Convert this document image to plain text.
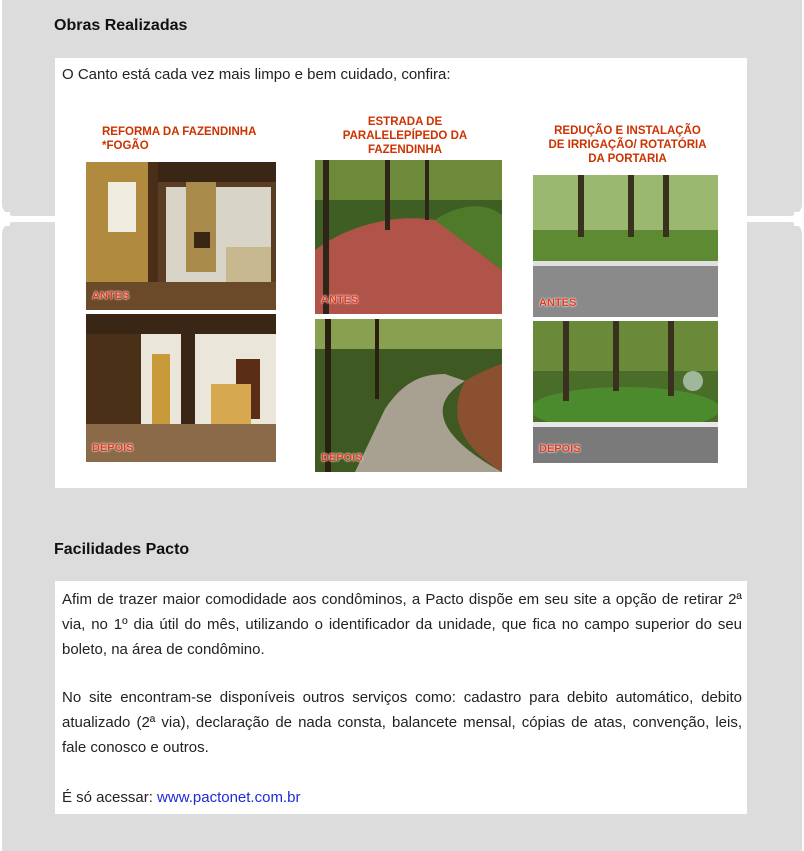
Obras Realizadas
O Canto está cada vez mais limpo e bem cuidado, confira:
REFORMA DA FAZENDINHA *FOGÃO
ESTRADA DE PARALELEPÍPEDO DA FAZENDINHA
REDUÇÃO E INSTALAÇÃO DE IRRIGAÇÃO/ ROTATÓRIA DA PORTARIA
ANTES
DEPOIS
ANTES
DEPOIS
ANTES
DEPOIS
Facilidades Pacto
Afim de trazer maior comodidade aos condôminos, a Pacto dispõe em seu site a opção de retirar 2ª via, no 1º dia útil do mês, utilizando o identificador da unidade, que fica no campo superior do seu boleto, na área de condômino.
No site encontram-se disponíveis outros serviços como: cadastro para debito automático, debito atualizado (2ª via), declaração de nada consta, balancete mensal, cópias de atas, convenção, leis, fale conosco e outros.
É só acessar: www.pactonet.com.br
